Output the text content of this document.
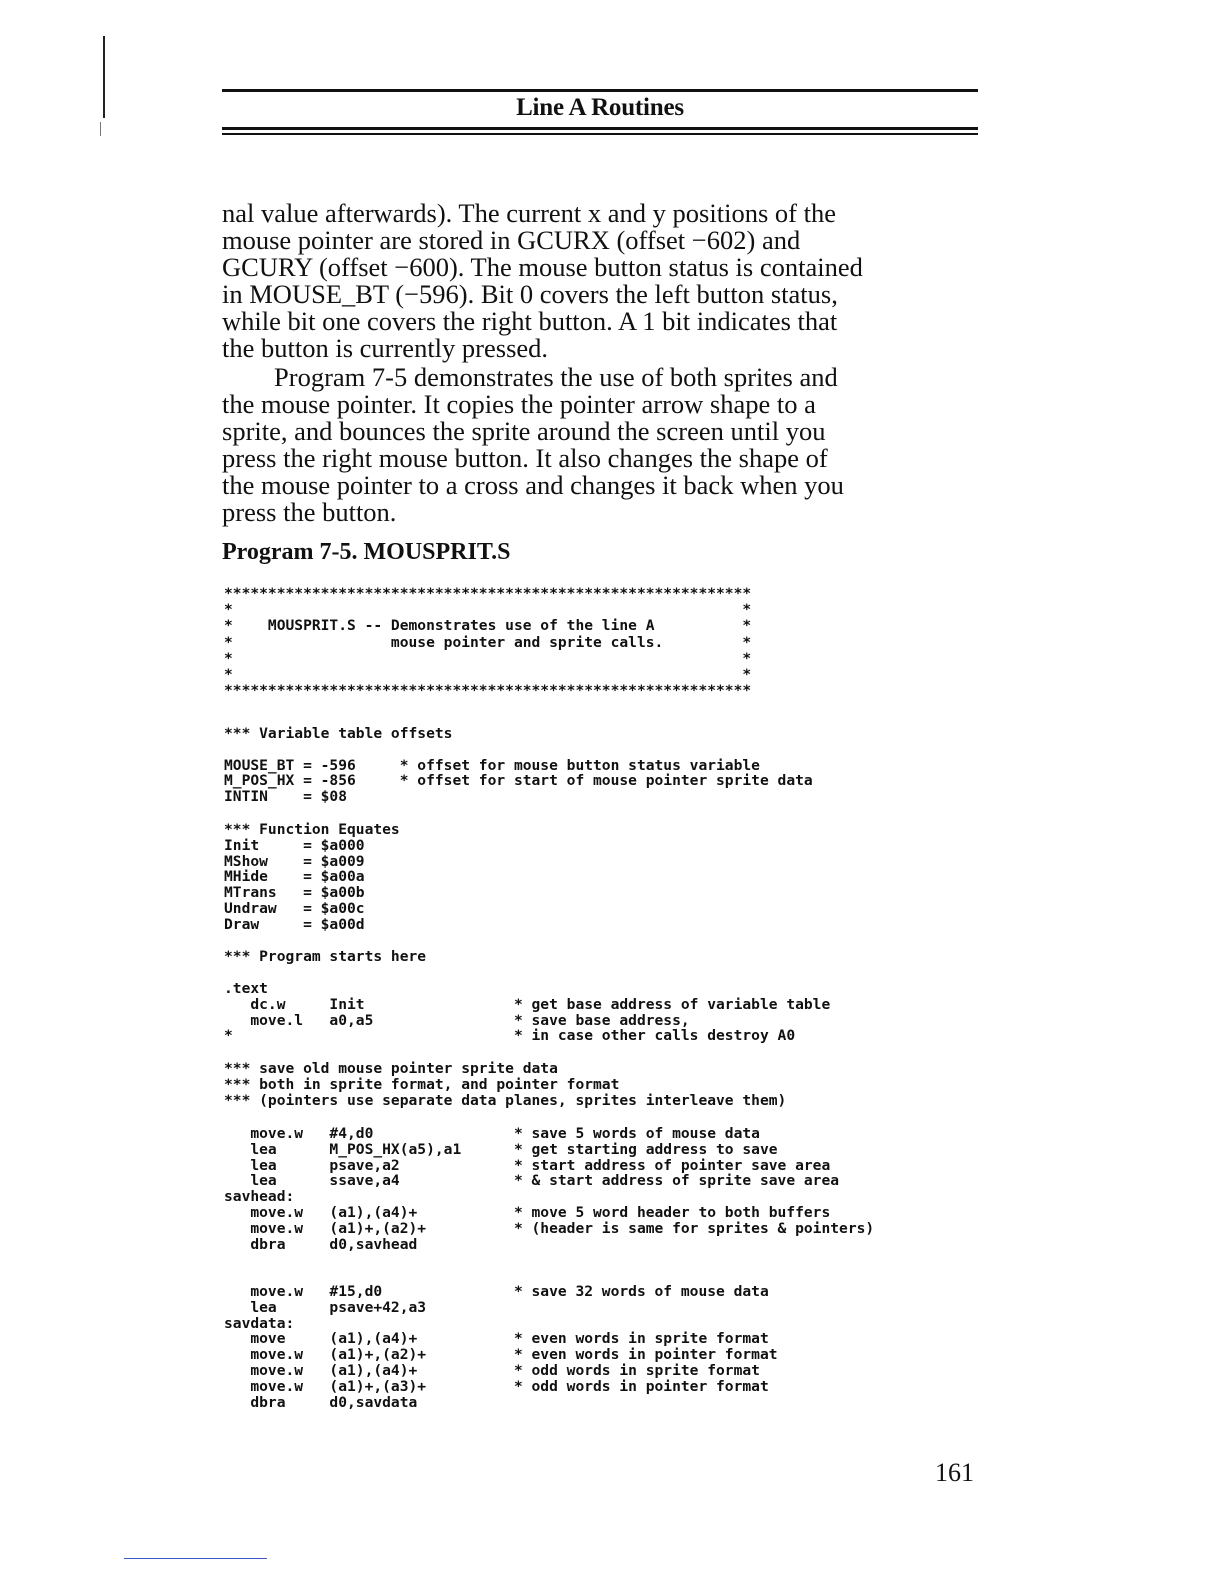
Line A Routines

nal value afterwards). The current x and y positions of the

mouse pointer are stored in GCURX (offset −602) and

GCURY (offset −600). The mouse button status is contained

in MOUSE_BT (−596). Bit 0 covers the left button status,

while bit one covers the right button. A 1 bit indicates that

the button is currently pressed.

Program 7-5 demonstrates the use of both sprites and

the mouse pointer. It copies the pointer arrow shape to a
sprite, and bounces the sprite around the screen until you
press the right mouse button. It also changes the shape of
the mouse pointer to a cross and changes it back when you
press the button.
Program 7-5. MOUSPRIT.S
************************************************************
*                                                          *
*    MOUSPRIT.S -- Demonstrates use of the line A          *
*                  mouse pointer and sprite calls.         *
*                                                          *
*                                                          *
************************************************************
*** Variable table offsets

MOUSE_BT = -596     * offset for mouse button status variable
M_POS_HX = -856     * offset for start of mouse pointer sprite data
INTIN    = $08
*** Function Equates
Init     = $a000
MShow    = $a009
MHide    = $a00a
MTrans   = $a00b
Undraw   = $a00c
Draw     = $a00d
*** Program starts here
.text
dc.w     Init                 * get base address of variable table
move.l   a0,a5                * save base address,
*                                * in case other calls destroy A0
*** save old mouse pointer sprite data
*** both in sprite format, and pointer format
*** (pointers use separate data planes, sprites interleave them)
move.w   #4,d0                * save 5 words of mouse data
lea      M_POS_HX(a5),a1      * get starting address to save
lea      psave,a2             * start address of pointer save area
lea      ssave,a4             * & start address of sprite save area
savhead:
move.w   (a1),(a4)+           * move 5 word header to both buffers
move.w   (a1)+,(a2)+          * (header is same for sprites & pointers)
dbra     d0,savhead
move.w   #15,d0               * save 32 words of mouse data
lea      psave+42,a3
savdata:
move     (a1),(a4)+           * even words in sprite format
move.w   (a1)+,(a2)+          * even words in pointer format
move.w   (a1),(a4)+           * odd words in sprite format
move.w   (a1)+,(a3)+          * odd words in pointer format
dbra     d0,savdata
161
